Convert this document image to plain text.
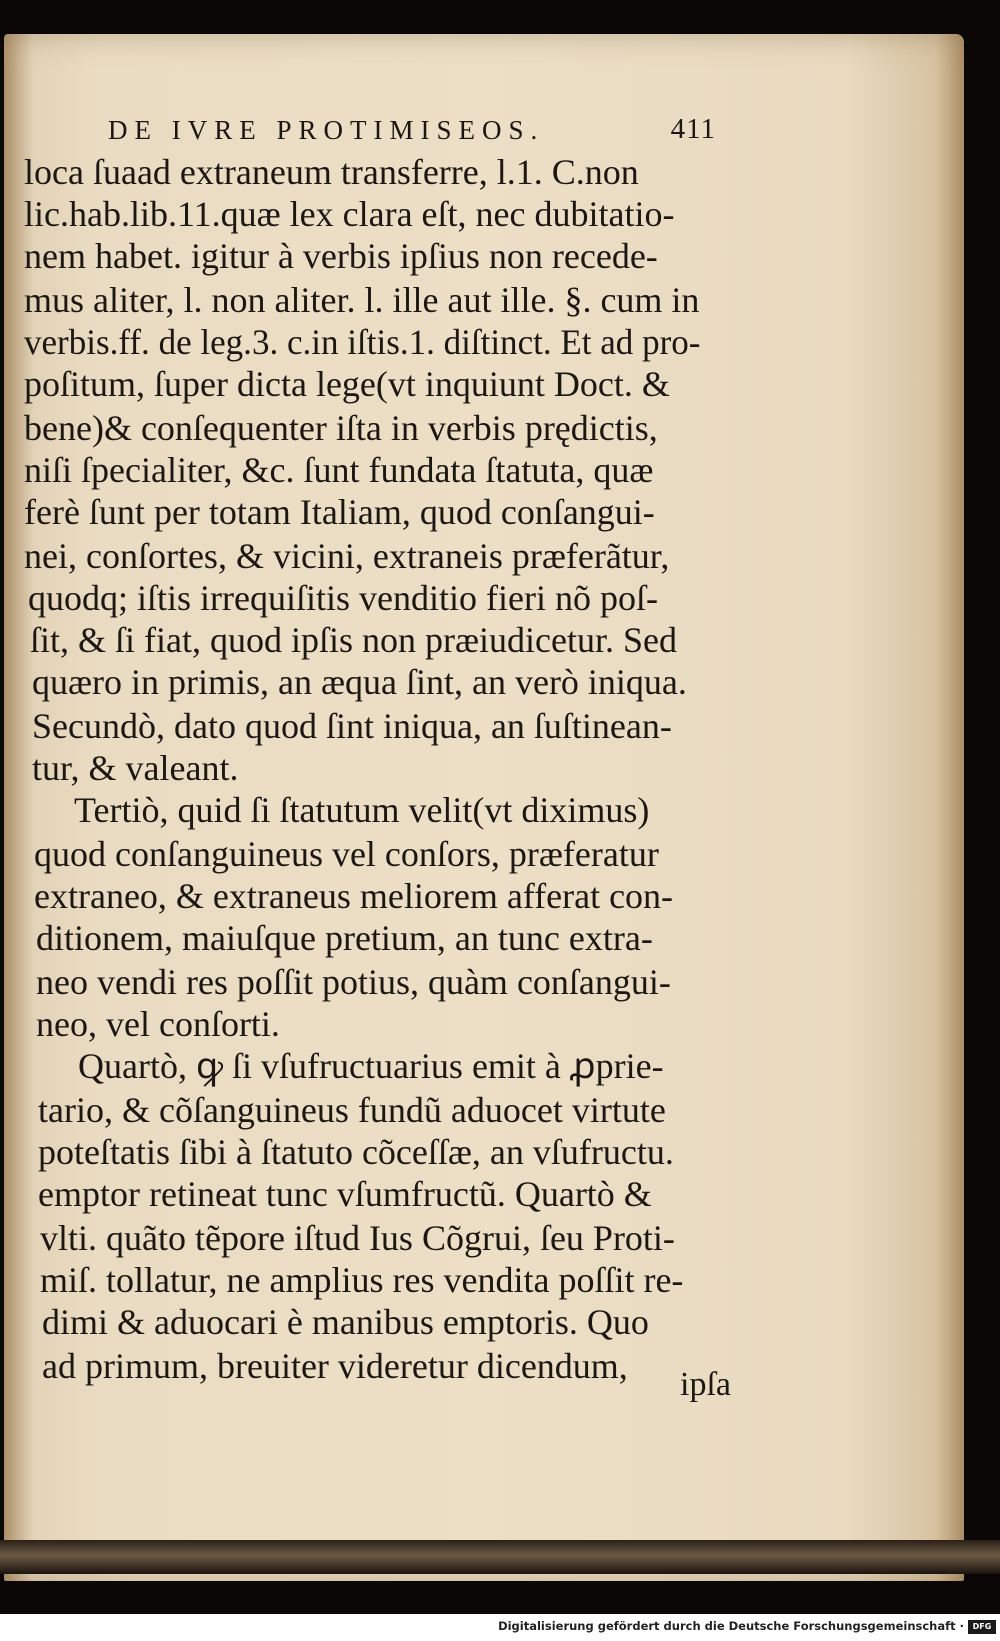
DE IVRE PROTIMISEOS.	411
loca ſuaad extraneum transferre, l.1. C.non
lic.hab.lib.11.quæ lex clara eſt, nec dubitatio-
nem habet. igitur à verbis ipſius non recede-
mus aliter, l. non aliter. l. ille aut ille. §. cum in
verbis.ff. de leg.3. c.in iſtis.1. diſtinct. Et ad pro-
poſitum, ſuper dicta lege(vt inquiunt Doct. &
bene)& conſequenter iſta in verbis prędictis,
niſi ſpecialiter, &c. ſunt fundata ſtatuta, quæ
ferè ſunt per totam Italiam, quod conſangui-
nei, conſortes, & vicini, extraneis præferãtur,
quodq; iſtis irrequiſitis venditio fieri nõ poſ-
ſit, & ſi fiat, quod ipſis non præiudicetur. Sed
quæro in primis, an æqua ſint, an verò iniqua.
Secundò, dato quod ſint iniqua, an ſuſtinean-
tur, & valeant.
Tertiò, quid ſi ſtatutum velit(vt diximus)
quod conſanguineus vel conſors, præferatur
extraneo, & extraneus meliorem afferat con-
ditionem, maiuſque pretium, an tunc extra-
neo vendi res poſſit potius, quàm conſangui-
neo, vel conſorti.
Quartò, ꝙ ſi vſufructuarius emit à ꝓprie-
tario, & cõſanguineus fundũ aduocet virtute
poteſtatis ſibi à ſtatuto cõceſſæ, an vſufructu.
emptor retineat tunc vſumfructũ. Quartò &
vlti. quãto tẽpore iſtud Ius Cõgrui, ſeu Proti-
miſ. tollatur, ne amplius res vendita poſſit re-
dimi & aduocari è manibus emptoris. Quo
ad primum, breuiter videretur dicendum, ipſa
Digitalisierung gefördert durch die Deutsche Forschungsgemeinschaft ·	DFG
